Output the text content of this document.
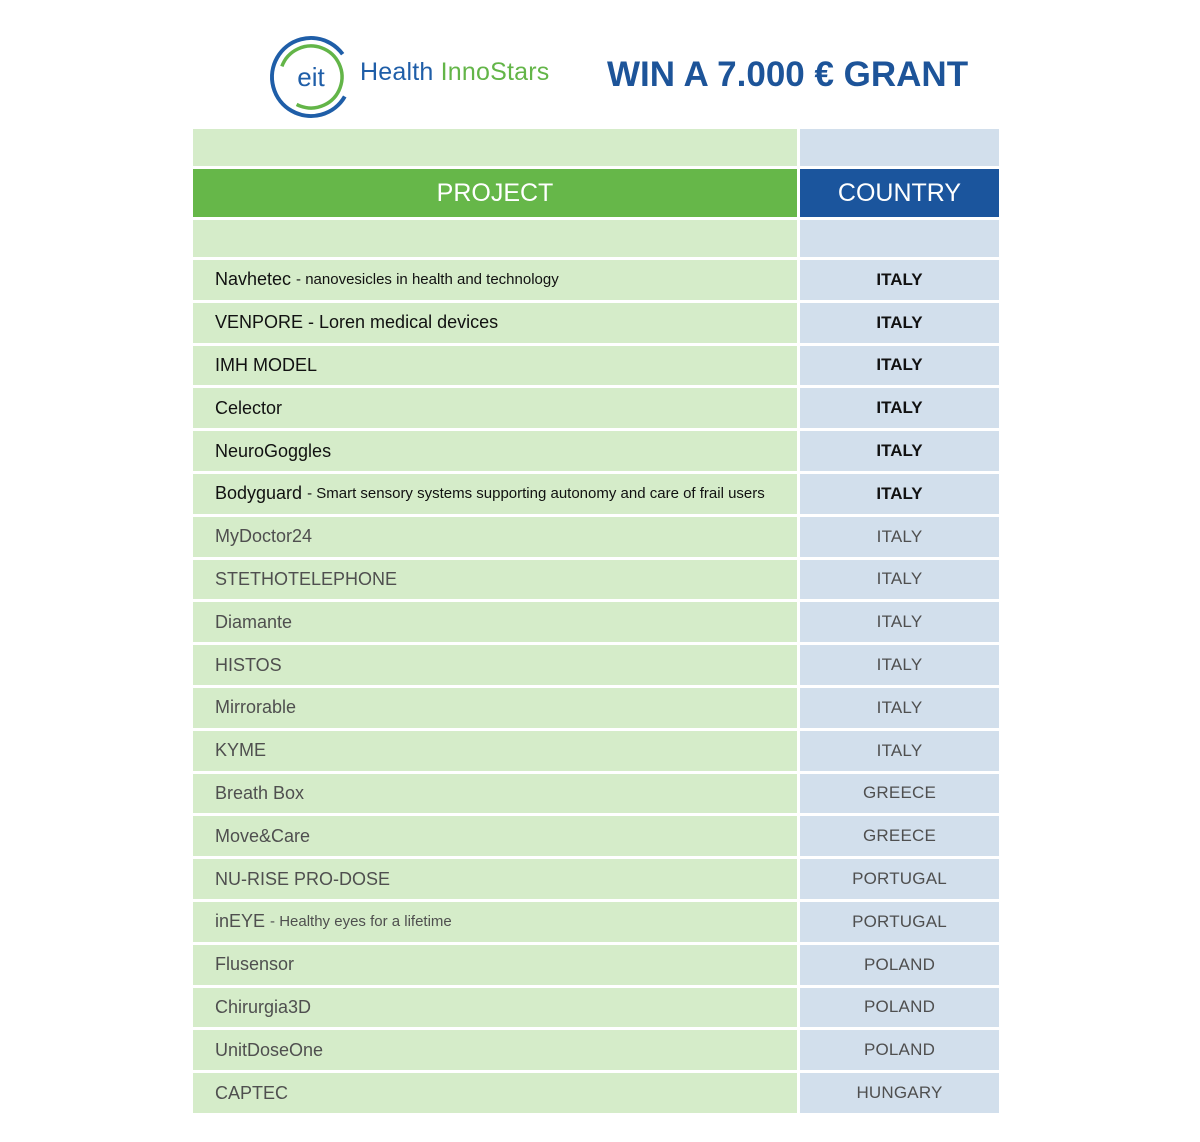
eit Health InnoStars WIN A 7.000 € GRANT
PROJECT	COUNTRY
Navhetec - nanovesicles in health and technology	ITALY
VENPORE - Loren medical devices	ITALY
IMH MODEL	ITALY
Celector	ITALY
NeuroGoggles	ITALY
Bodyguard - Smart sensory systems supporting autonomy and care of frail users	ITALY
MyDoctor24	ITALY
STETHOTELEPHONE	ITALY
Diamante	ITALY
HISTOS	ITALY
Mirrorable	ITALY
KYME	ITALY
Breath Box	GREECE
Move&Care	GREECE
NU-RISE PRO-DOSE	PORTUGAL
inEYE - Healthy eyes for a lifetime	PORTUGAL
Flusensor	POLAND
Chirurgia3D	POLAND
UnitDoseOne	POLAND
CAPTEC	HUNGARY
